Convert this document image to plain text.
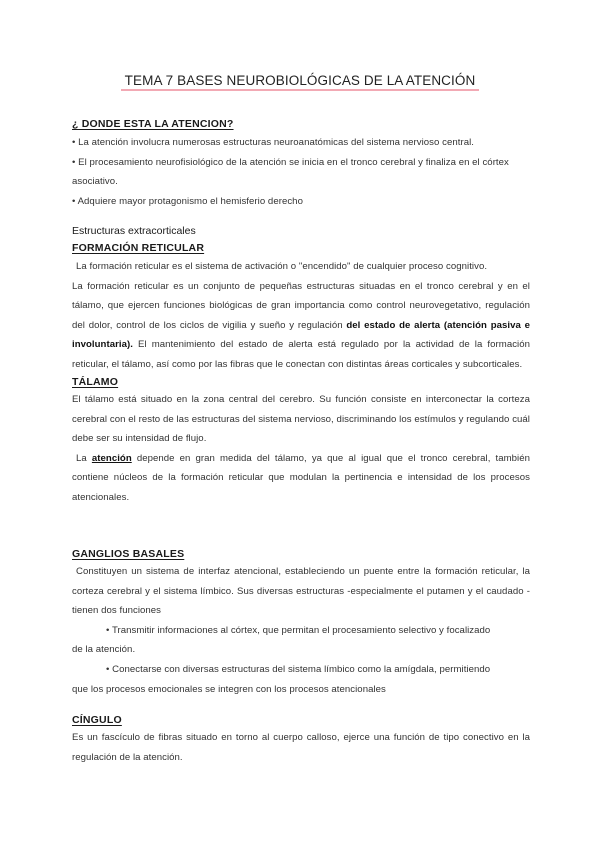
TEMA 7 BASES NEUROBIOLÓGICAS DE LA ATENCIÓN
¿ DONDE ESTA LA ATENCION?

• La atención involucra numerosas estructuras neuroanatómicas del sistema nervioso central.

• El procesamiento neurofisiológico de la atención se inicia en el tronco cerebral y finaliza en el córtex asociativo.

• Adquiere mayor protagonismo el hemisferio derecho

Estructuras extracorticales
FORMACIÓN RETICULAR

La formación reticular es el sistema de activación o "encendido" de cualquier proceso cognitivo.

La formación reticular es un conjunto de pequeñas estructuras situadas en el tronco cerebral y en el tálamo, que ejercen funciones biológicas de gran importancia como control neurovegetativo, regulación del dolor, control de los ciclos de vigilia y sueño y regulación del estado de alerta (atención pasiva e involuntaria). El mantenimiento del estado de alerta está regulado por la actividad de la formación reticular, el tálamo, así como por las fibras que le conectan con distintas áreas corticales y subcorticales.

TÁLAMO

El tálamo está situado en la zona central del cerebro. Su función consiste en interconectar la corteza cerebral con el resto de las estructuras del sistema nervioso, discriminando los estímulos y regulando cuál debe ser su intensidad de flujo.

La atención depende en gran medida del tálamo, ya que al igual que el tronco cerebral, también contiene núcleos de la formación reticular que modulan la pertinencia e intensidad de los procesos atencionales.

GANGLIOS BASALES

Constituyen un sistema de interfaz atencional, estableciendo un puente entre la formación reticular, la corteza cerebral y el sistema límbico. Sus diversas estructuras -especialmente el putamen y el caudado - tienen dos funciones

• Transmitir informaciones al córtex, que permitan el procesamiento selectivo y focalizado

de la atención.

• Conectarse con diversas estructuras del sistema límbico como la amígdala, permitiendo

que los procesos emocionales se integren con los procesos atencionales

CÍNGULO

Es un fascículo de fibras situado en torno al cuerpo calloso, ejerce una función de tipo conectivo en la regulación de la atención.
